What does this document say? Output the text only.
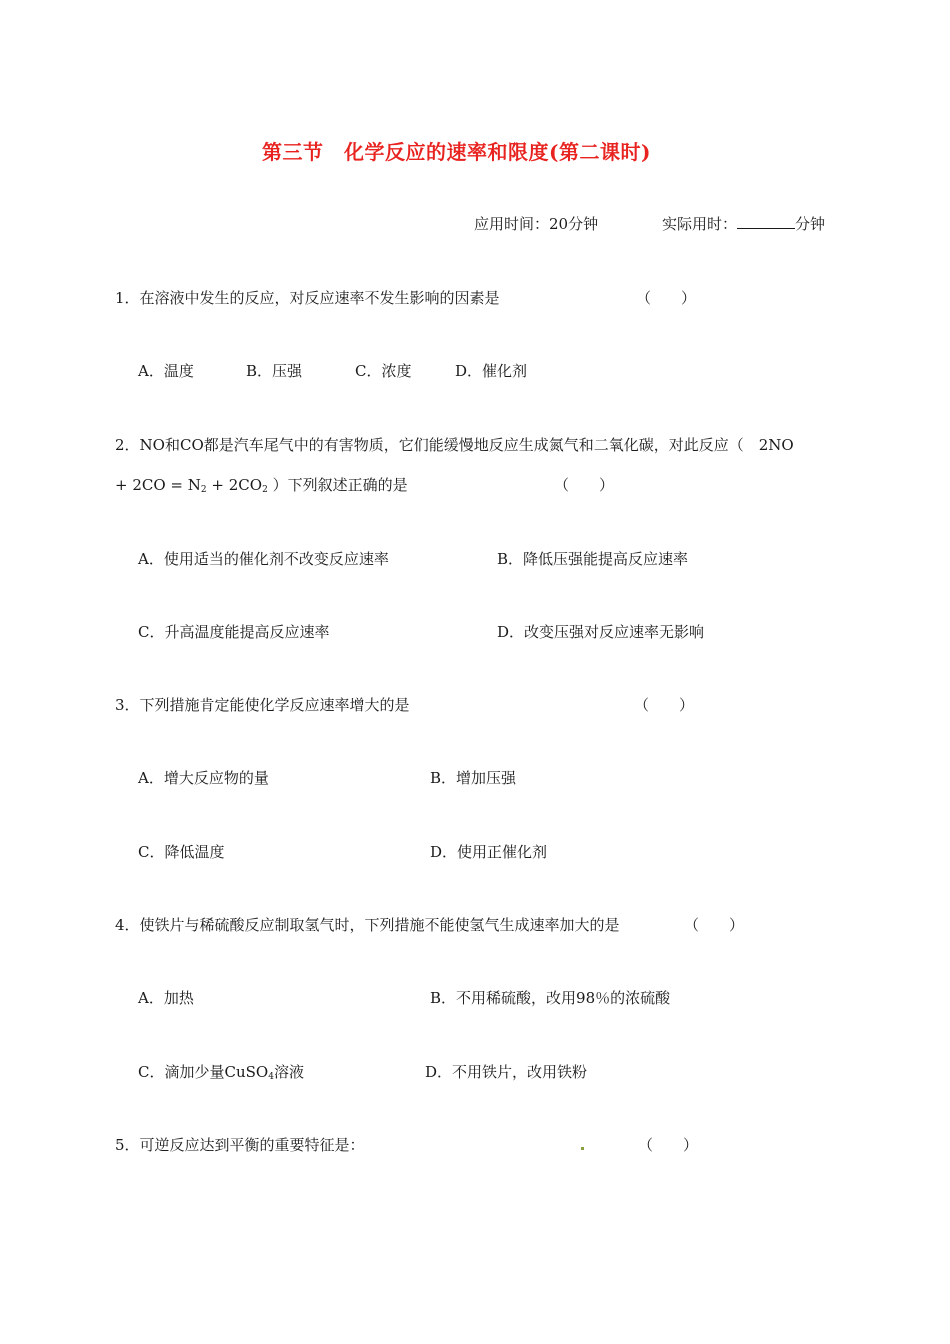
第三节　化学反应的速率和限度(第二课时)
应用时间：20分钟	实际用时：	分钟
1．在溶液中发生的反应，对反应速率不发生影响的因素是	（　　）
A．温度	B．压强	C．浓度	D．催化剂
2．NO和CO都是汽车尾气中的有害物质，它们能缓慢地反应生成氮气和二氧化碳，对此反应（　2NO
+ $2CO = N_2 + 2CO_2$ ）下列叙述正确的是	（　　）
A．使用适当的催化剂不改变反应速率	B．降低压强能提高反应速率
C．升高温度能提高反应速率	D．改变压强对反应速率无影响
3．下列措施肯定能使化学反应速率增大的是	（　　）
A．增大反应物的量	B．增加压强
C．降低温度	D．使用正催化剂
4．使铁片与稀硫酸反应制取氢气时，下列措施不能使氢气生成速率加大的是	（　　）
A．加热	B．不用稀硫酸，改用98％的浓硫酸
C．滴加少量CuSO$_4$溶液	D．不用铁片，改用铁粉
5．可逆反应达到平衡的重要特征是：	（　　）
